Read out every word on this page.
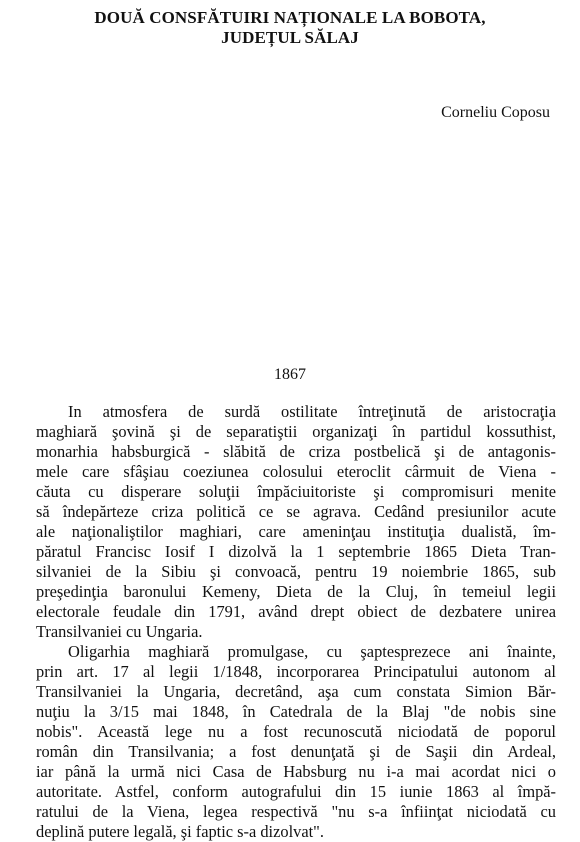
DOUĂ CONSFĂTUIRI NAȚIONALE LA BOBOTA,
JUDEȚUL SĂLAJ
Corneliu Coposu
1867

In atmosfera de surdă ostilitate întreţinută de aristocraţia
maghiară şovină şi de separatiştii organizaţi în partidul kossuthist,
monarhia habsburgică - slăbită de criza postbelică şi de antagonis-
mele care sfâşiau coeziunea colosului eteroclit cârmuit de Viena -
căuta cu disperare soluţii împăciuitoriste şi compromisuri menite
să îndepărteze criza politică ce se agrava. Cedând presiunilor acute
ale naţionaliştilor maghiari, care ameninţau instituţia dualistă, îm-
păratul Francisc Iosif I dizolvă la 1 septembrie 1865 Dieta Tran-
silvaniei de la Sibiu şi convoacă, pentru 19 noiembrie 1865, sub
preşedinţia baronului Kemeny, Dieta de la Cluj, în temeiul legii
electorale feudale din 1791, având drept obiect de dezbatere unirea
Transilvaniei cu Ungaria.

Oligarhia maghiară promulgase, cu şaptesprezece ani înainte,
prin art. 17 al legii 1/1848, incorporarea Principatului autonom al
Transilvaniei la Ungaria, decretând, aşa cum constata Simion Băr-
nuţiu la 3/15 mai 1848, în Catedrala de la Blaj "de nobis sine
nobis". Această lege nu a fost recunoscută niciodată de poporul
român din Transilvania; a fost denunţată şi de Saşii din Ardeal,
iar până la urmă nici Casa de Habsburg nu i-a mai acordat nici o
autoritate. Astfel, conform autografului din 15 iunie 1863 al împă-
ratului de la Viena, legea respectivă "nu s-a înfiinţat niciodată cu
deplină putere legală, şi faptic s-a dizolvat".
